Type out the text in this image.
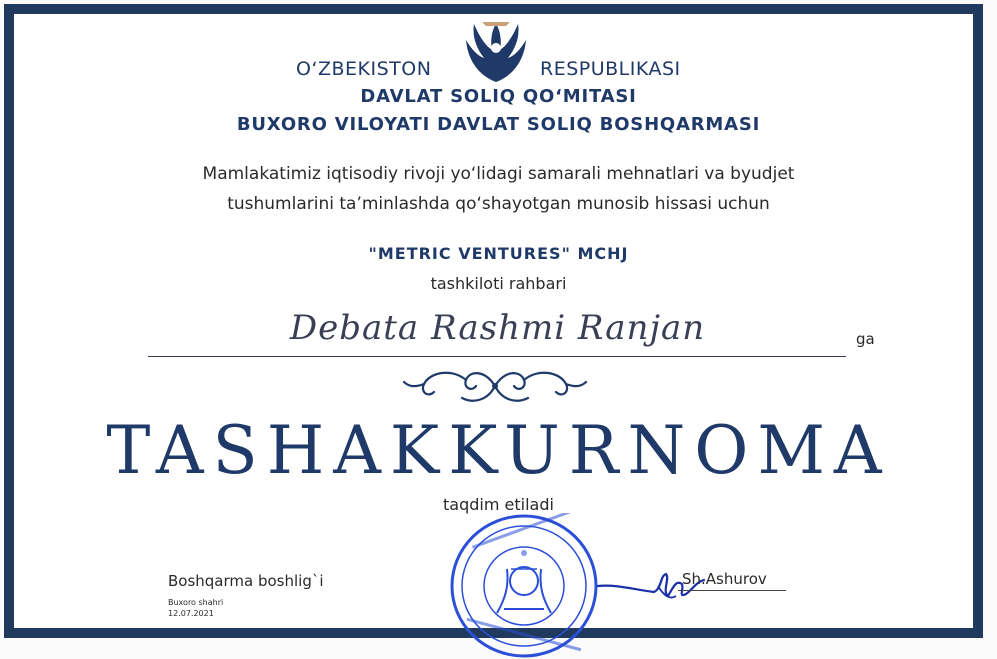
O‘ZBEKISTON	RESPUBLIKASI
DAVLAT SOLIQ QO‘MITASI
BUXORO VILOYATI DAVLAT SOLIQ BOSHQARMASI
Mamlakatimiz iqtisodiy rivoji yo‘lidagi samarali mehnatlari va byudjet
tushumlarini ta’minlashda qo‘shayotgan munosib hissasi uchun
"METRIC VENTURES" MCHJ
tashkiloti rahbari
Debata Rashmi Ranjan	ga
TASHAKKURNOMA
taqdim etiladi
Boshqarma boshlig`i
Buxoro shahri
12.07.2021
Sh.Ashurov
